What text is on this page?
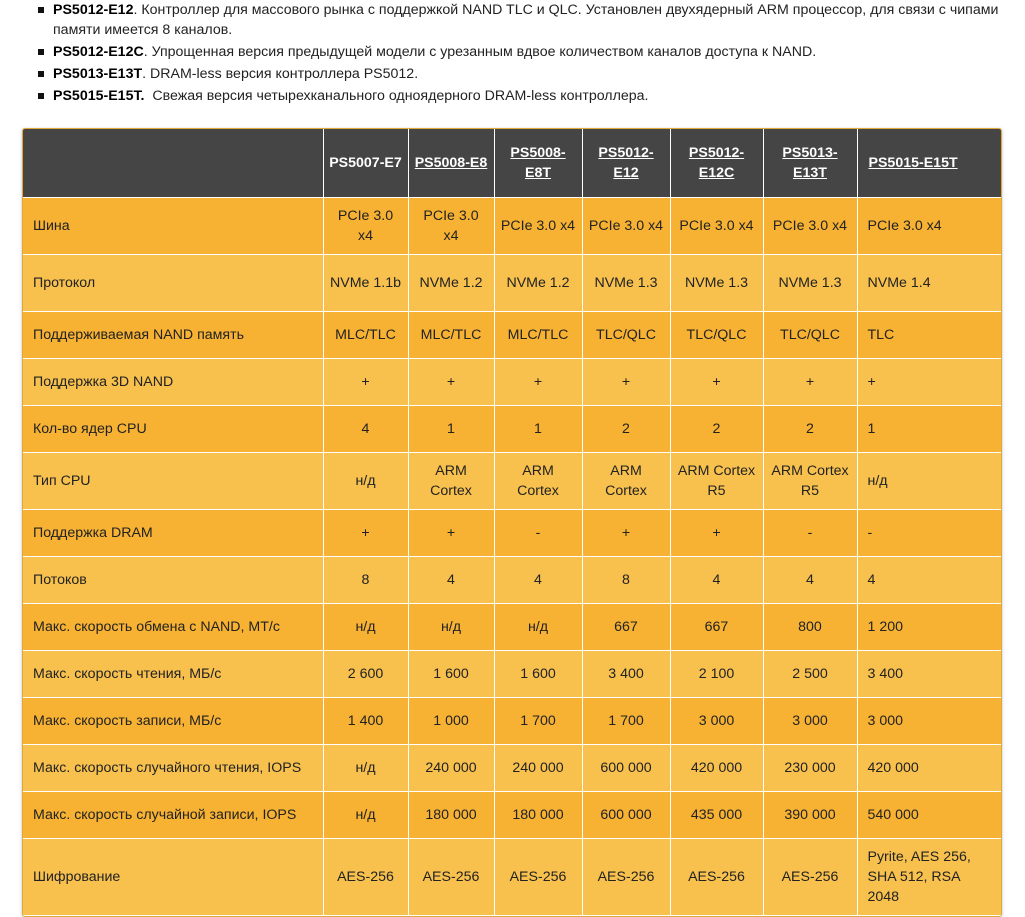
PS5012-E12. Контроллер для массового рынка с поддержкой NAND TLC и QLC. Установлен двухядерный ARM процессор, для связи с чипами памяти имеется 8 каналов.
PS5012-E12C. Упрощенная версия предыдущей модели с урезанным вдвое количеством каналов доступа к NAND.
PS5013-E13T. DRAM-less версия контроллера PS5012.
PS5015-E15T.  Свежая версия четырехканального одноядерного DRAM-less контроллера.
	PS5007-E7	PS5008-E8	PS5008-E8T	PS5012-E12	PS5012-E12C	PS5013-E13T	PS5015-E15T
Шина	PCIe 3.0 x4	PCIe 3.0 x4	PCIe 3.0 x4	PCIe 3.0 x4	PCIe 3.0 x4	PCIe 3.0 x4	PCIe 3.0 x4
Протокол	NVMe 1.1b	NVMe 1.2	NVMe 1.2	NVMe 1.3	NVMe 1.3	NVMe 1.3	NVMe 1.4
Поддерживаемая NAND память	MLC/TLC	MLC/TLC	MLC/TLC	TLC/QLC	TLC/QLC	TLC/QLC	TLC
Поддержка 3D NAND	+	+	+	+	+	+	+
Кол-во ядер CPU	4	1	1	2	2	2	1
Тип CPU	н/д	ARM Cortex	ARM Cortex	ARM Cortex	ARM Cortex R5	ARM Cortex R5	н/д
Поддержка DRAM	+	+	-	+	+	-	-
Потоков	8	4	4	8	4	4	4
Макс. скорость обмена с NAND, MT/c	н/д	н/д	н/д	667	667	800	1 200
Макс. скорость чтения, МБ/с	2 600	1 600	1 600	3 400	2 100	2 500	3 400
Макс. скорость записи, МБ/с	1 400	1 000	1 700	1 700	3 000	3 000	3 000
Макс. скорость случайного чтения, IOPS	н/д	240 000	240 000	600 000	420 000	230 000	420 000
Макс. скорость случайной записи, IOPS	н/д	180 000	180 000	600 000	435 000	390 000	540 000
Шифрование	AES-256	AES-256	AES-256	AES-256	AES-256	AES-256	Pyrite, AES 256, SHA 512, RSA 2048
